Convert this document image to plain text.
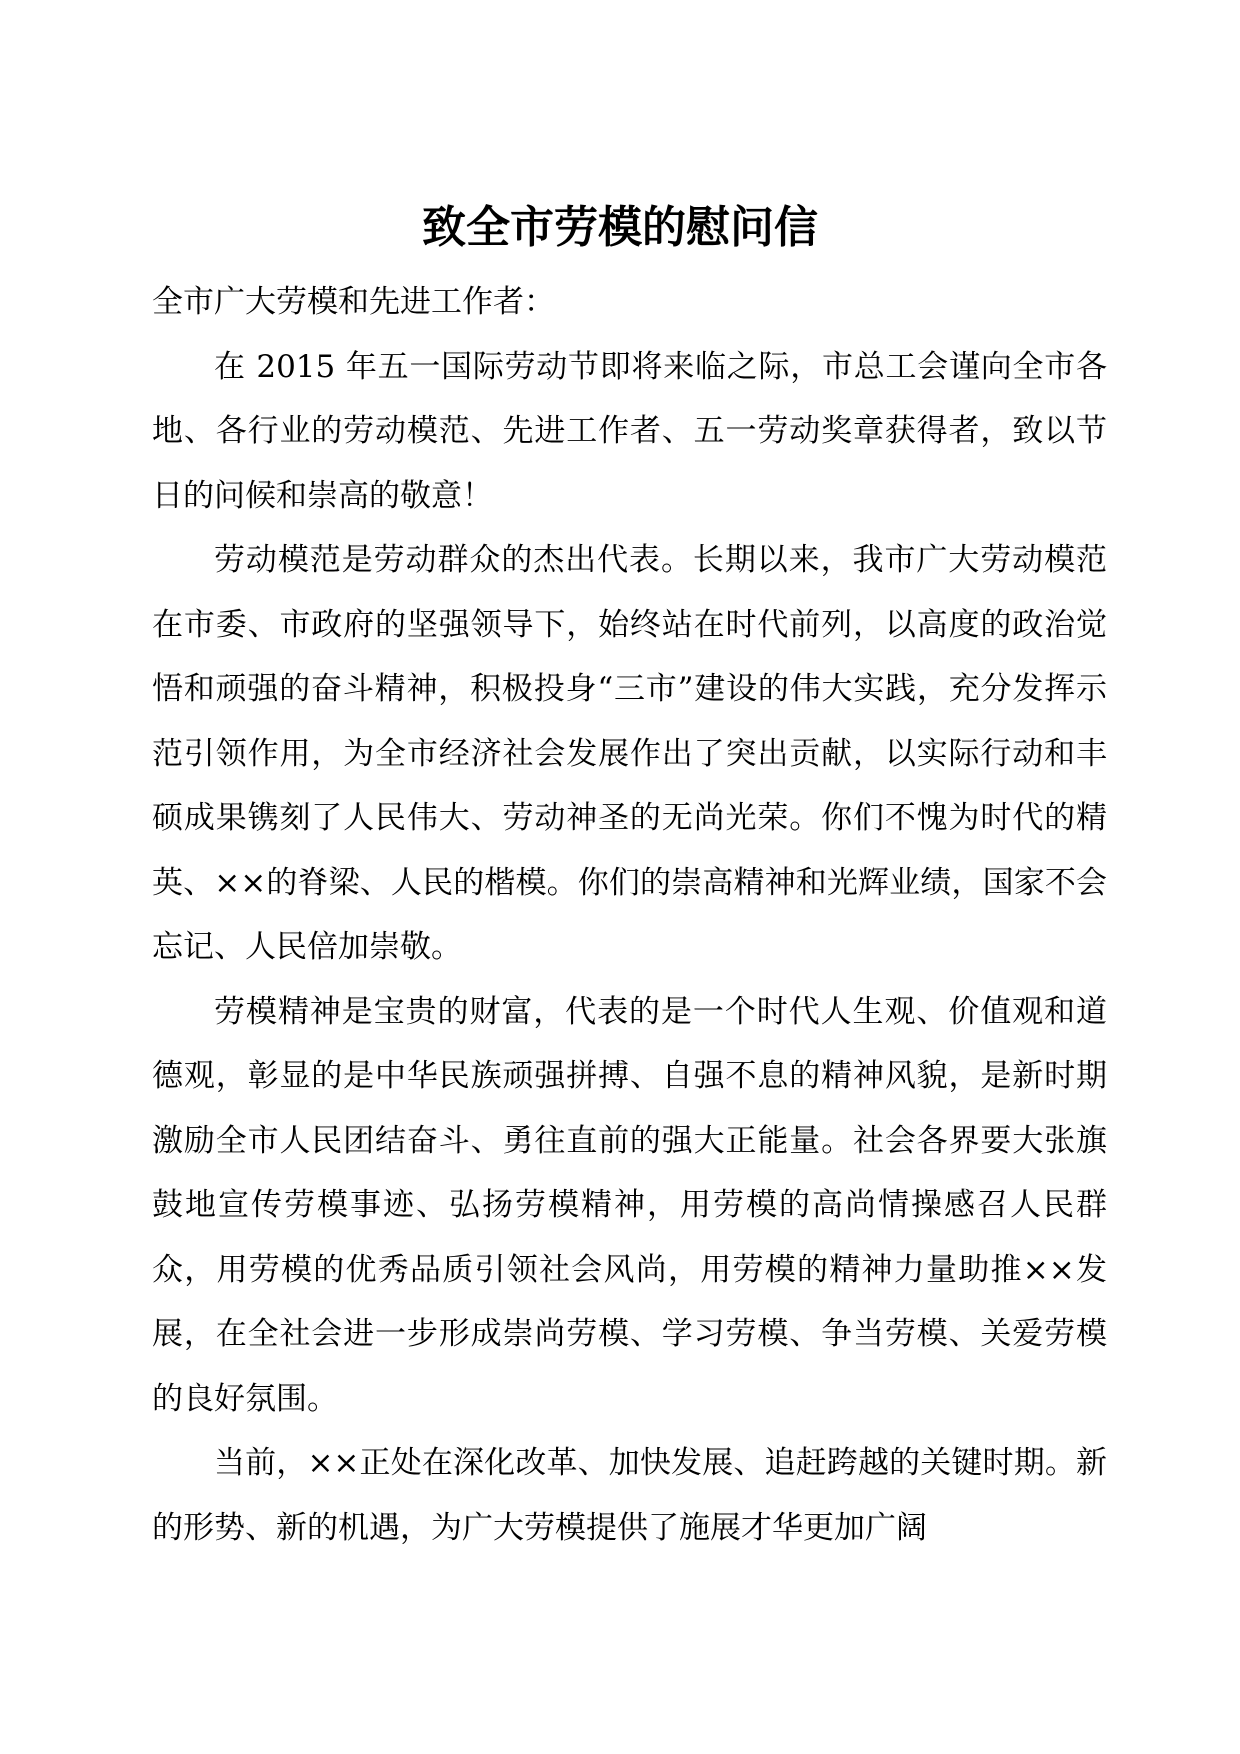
致全市劳模的慰问信

全市广大劳模和先进工作者：

在 2015 年五一国际劳动节即将来临之际，市总工会谨向全市各地、各行业的劳动模范、先进工作者、五一劳动奖章获得者，致以节日的问候和崇高的敬意！

劳动模范是劳动群众的杰出代表。长期以来，我市广大劳动模范在市委、市政府的坚强领导下，始终站在时代前列，以高度的政治觉悟和顽强的奋斗精神，积极投身“三市”建设的伟大实践，充分发挥示范引领作用，为全市经济社会发展作出了突出贡献，以实际行动和丰硕成果镌刻了人民伟大、劳动神圣的无尚光荣。你们不愧为时代的精英、××的脊梁、人民的楷模。你们的崇高精神和光辉业绩，国家不会忘记、人民倍加崇敬。

劳模精神是宝贵的财富，代表的是一个时代人生观、价值观和道德观，彰显的是中华民族顽强拼搏、自强不息的精神风貌，是新时期激励全市人民团结奋斗、勇往直前的强大正能量。社会各界要大张旗鼓地宣传劳模事迹、弘扬劳模精神，用劳模的高尚情操感召人民群众，用劳模的优秀品质引领社会风尚，用劳模的精神力量助推××发展，在全社会进一步形成崇尚劳模、学习劳模、争当劳模、关爱劳模的良好氛围。

当前，××正处在深化改革、加快发展、追赶跨越的关键时期。新的形势、新的机遇，为广大劳模提供了施展才华更加广阔
